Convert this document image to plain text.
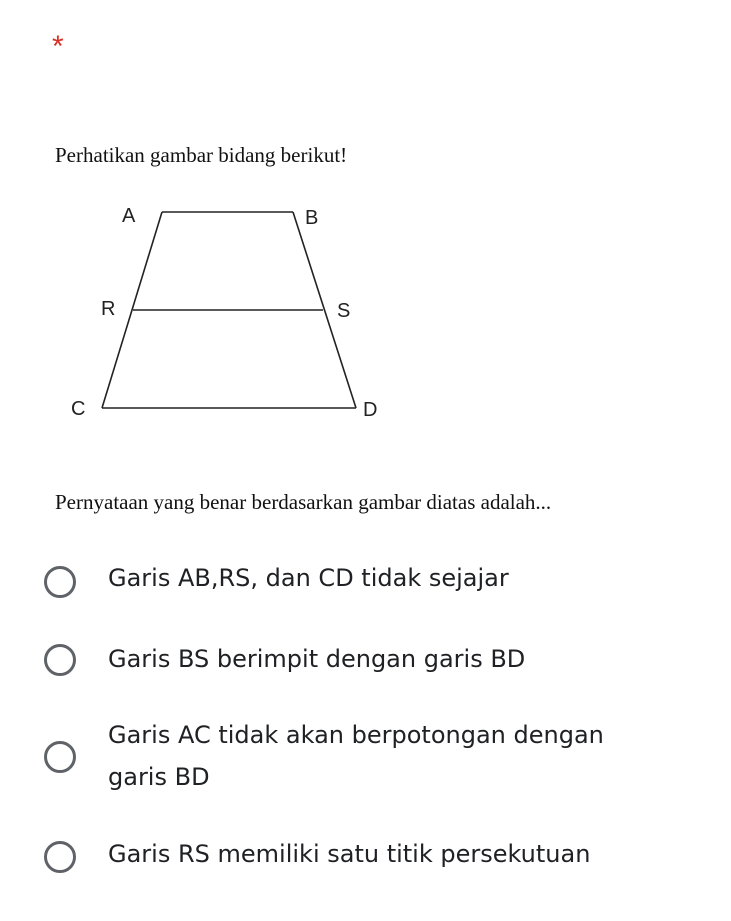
*
Perhatikan gambar bidang berikut!
A	B
R	S
C	D
Pernyataan yang benar berdasarkan gambar diatas adalah...
Garis AB,RS, dan CD tidak sejajar
Garis BS berimpit dengan garis BD
Garis AC tidak akan berpotongan dengan garis BD
Garis RS memiliki satu titik persekutuan
